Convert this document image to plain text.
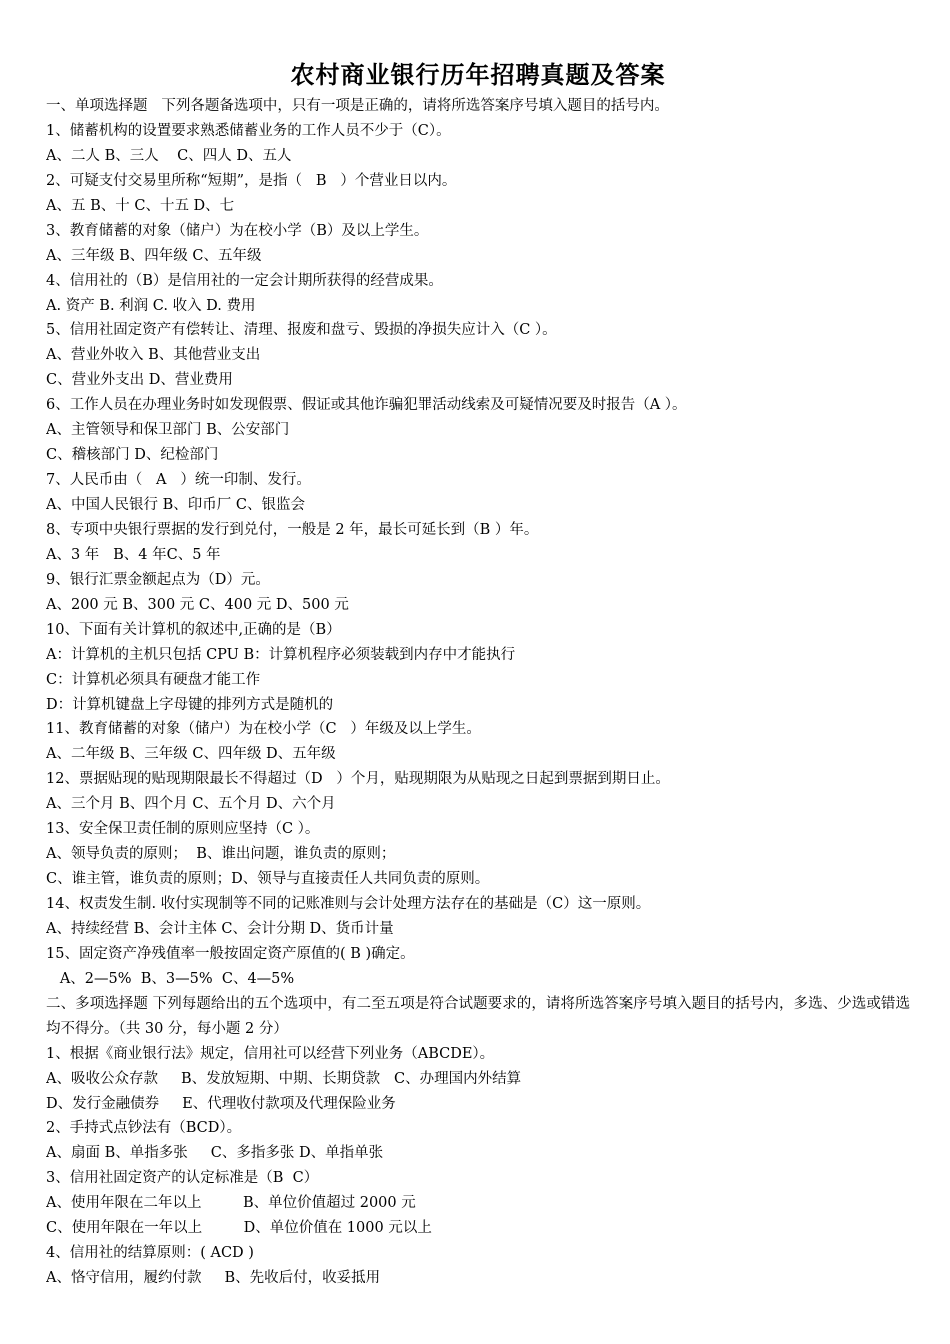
农村商业银行历年招聘真题及答案
一、单项选择题   下列各题备选项中，只有一项是正确的，请将所选答案序号填入题目的括号内。
1、储蓄机构的设置要求熟悉储蓄业务的工作人员不少于（C）。
A、二人 B、三人    C、四人 D、五人
2、可疑支付交易里所称“短期”，是指（   B   ）个营业日以内。
A、五 B、十 C、十五 D、七
3、教育储蓄的对象（储户）为在校小学（B）及以上学生。
A、三年级 B、四年级 C、五年级
4、信用社的（B）是信用社的一定会计期所获得的经营成果。
A. 资产 B. 利润 C. 收入 D. 费用
5、信用社固定资产有偿转让、清理、报废和盘亏、毁损的净损失应计入（C ）。
A、营业外收入 B、其他营业支出
C、营业外支出 D、营业费用
6、工作人员在办理业务时如发现假票、假证或其他诈骗犯罪活动线索及可疑情况要及时报告（A ）。
A、主管领导和保卫部门 B、公安部门
C、稽核部门 D、纪检部门
7、人民币由（   A   ）统一印制、发行。
A、中国人民银行 B、印币厂 C、银监会
8、专项中央银行票据的发行到兑付，一般是 2 年，最长可延长到（B ）年。
A、3 年   B、4 年C、5 年
9、银行汇票金额起点为（D）元。
A、200 元 B、300 元 C、400 元 D、500 元
10、下面有关计算机的叙述中,正确的是（B）
A：计算机的主机只包括 CPU B：计算机程序必须装载到内存中才能执行
C：计算机必须具有硬盘才能工作
D：计算机键盘上字母键的排列方式是随机的
11、教育储蓄的对象（储户）为在校小学（C   ）年级及以上学生。
A、二年级 B、三年级 C、四年级 D、五年级
12、票据贴现的贴现期限最长不得超过（D   ）个月，贴现期限为从贴现之日起到票据到期日止。
A、三个月 B、四个月 C、五个月 D、六个月
13、安全保卫责任制的原则应坚持（C ）。
A、领导负责的原则；  B、谁出问题，谁负责的原则；
C、谁主管，谁负责的原则；D、领导与直接责任人共同负责的原则。
14、权责发生制. 收付实现制等不同的记账准则与会计处理方法存在的基础是（C）这一原则。
A、持续经营 B、会计主体 C、会计分期 D、货币计量
15、固定资产净残值率一般按固定资产原值的( B )确定。
A、2—5%  B、3—5%  C、4—5%
二、多项选择题 下列每题给出的五个选项中，有二至五项是符合试题要求的，请将所选答案序号填入题目的括号内，多选、少选或错选均不得分。（共 30 分，每小题 2 分）
1、根据《商业银行法》规定，信用社可以经营下列业务（ABCDE）。
A、吸收公众存款     B、发放短期、中期、长期贷款   C、办理国内外结算
D、发行金融债券     E、代理收付款项及代理保险业务
2、手持式点钞法有（BCD）。
A、扇面 B、单指多张     C、多指多张 D、单指单张
3、信用社固定资产的认定标准是（B  C）
A、使用年限在二年以上         B、单位价值超过 2000 元
C、使用年限在一年以上         D、单位价值在 1000 元以上
4、信用社的结算原则：( ACD )
A、恪守信用，履约付款     B、先收后付，收妥抵用
